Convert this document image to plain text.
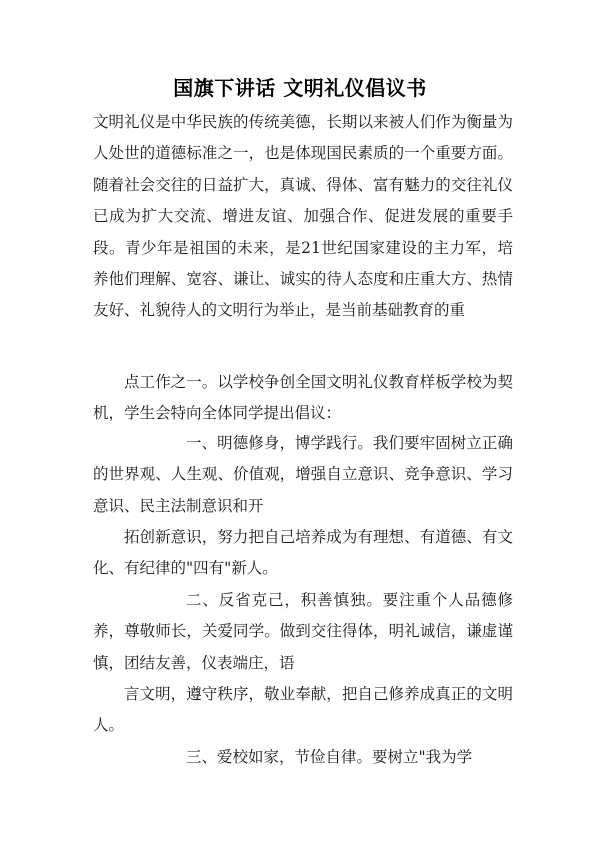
国旗下讲话 文明礼仪倡议书

文明礼仪是中华民族的传统美德，长期以来被人们作为衡量为人处世的道德标准之一，也是体现国民素质的一个重要方面。随着社会交往的日益扩大，真诚、得体、富有魅力的交往礼仪已成为扩大交流、增进友谊、加强合作、促进发展的重要手段。青少年是祖国的未来，是21世纪国家建设的主力军，培养他们理解、宽容、谦让、诚实的待人态度和庄重大方、热情友好、礼貌待人的文明行为举止，是当前基础教育的重

点工作之一。以学校争创全国文明礼仪教育样板学校为契机，学生会特向全体同学提出倡议：

一、明德修身，博学践行。我们要牢固树立正确的世界观、人生观、价值观，增强自立意识、竞争意识、学习意识、民主法制意识和开

拓创新意识，努力把自己培养成为有理想、有道德、有文化、有纪律的"四有"新人。

二、反省克己，积善慎独。要注重个人品德修养，尊敬师长，关爱同学。做到交往得体，明礼诚信，谦虚谨慎，团结友善，仪表端庄，语

言文明，遵守秩序，敬业奉献，把自己修养成真正的文明人。

三、爱校如家，节俭自律。要树立"我为学
